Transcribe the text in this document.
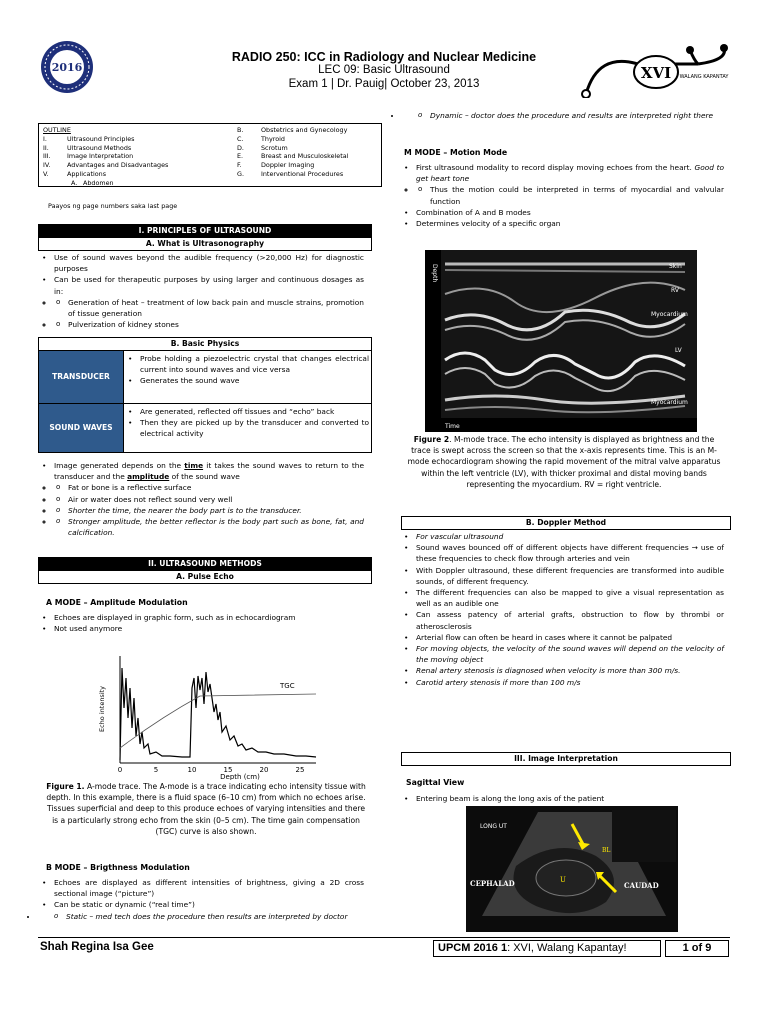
2016
RADIO 250: ICC in Radiology and Nuclear Medicine
LEC 09: Basic Ultrasound
Exam 1 | Dr. Pauig| October 23, 2013
XVI WALANG KAPANTAY
OUTLINE
I.	Ultrasound Principles
II.	Ultrasound Methods
III.	Image Interpretation
IV.	Advantages and Disadvantages
V.	Applications
A. Abdomen
B.	Obstetrics and Gynecology
C.	Thyroid
D.	Scrotum
E.	Breast and Musculoskeletal
F.	Doppler Imaging
G.	Interventional Procedures
Paayos ng page numbers saka last page
I. PRINCIPLES OF ULTRASOUND
A. What is Ultrasonography
• Use of sound waves beyond the audible frequency (>20,000 Hz) for diagnostic purposes
• Can be used for therapeutic purposes by using larger and continuous dosages as in:
o ◦ Generation of heat – treatment of low back pain and muscle strains, promotion of tissue generation
o ◦ Pulverization of kidney stones
B. Basic Physics
TRANSDUCER
• Probe holding a piezoelectric crystal that changes electrical current into sound waves and vice versa
• Generates the sound wave
SOUND WAVES
• Are generated, reflected off tissues and “echo” back
• Then they are picked up by the transducer and converted to electrical activity
• Image generated depends on the time it takes the sound waves to return to the transducer and the amplitude of the sound wave
o ◦ Fat or bone is a reflective surface
o ◦ Air or water does not reflect sound very well
o ◦ Shorter the time, the nearer the body part is to the transducer.
o ◦ Stronger amplitude, the better reflector is the body part such as bone, fat, and calcification.
II. ULTRASOUND METHODS
A. Pulse Echo
A MODE – Amplitude Modulation
• Echoes are displayed in graphic form, such as in echocardiogram
• Not used anymore
TGC
Echo intensity
0	5	10	15	20	25
Depth (cm)
Figure 1. A-mode trace. The A-mode is a trace indicating echo intensity tissue with depth. In this example, there is a fluid space (6–10 cm) from which no echoes arise. Tissues superficial and deep to this produce echoes of varying intensities and there is a particularly strong echo from the skin (0–5 cm). The time gain compensation (TGC) curve is also shown.
B MODE – Brigthness Modulation
• Echoes are displayed as different intensities of brightness, giving a 2D cross sectional image (“picture”)
• Can be static or dynamic (“real time”)
o • Static – med tech does the procedure then results are interpreted by doctor
o • Dynamic – doctor does the procedure and results are interpreted right there
M MODE – Motion Mode
• First ultrasound modality to record display moving echoes from the heart. Good to get heart tone
o ◦ Thus the motion could be interpreted in terms of myocardial and valvular function
• Combination of A and B modes
• Determines velocity of a specific organ
Depth	Skin
RV
Myocardium
LV
Myocardium
Time
Figure 2. M-mode trace. The echo intensity is displayed as brightness and the trace is swept across the screen so that the x-axis represents time. This is an M-mode echocardiogram showing the rapid movement of the mitral valve apparatus within the left ventricle (LV), with thicker proximal and distal moving bands representing the myocardium. RV = right ventricle.
B. Doppler Method
• For vascular ultrasound
• Sound waves bounced off of different objects have different frequencies → use of these frequencies to check flow through arteries and vein
• With Doppler ultrasound, these different frequencies are transformed into audible sounds, of different frequency.
• The different frequencies can also be mapped to give a visual representation as well as an audible one
• Can assess patency of arterial grafts, obstruction to flow by thrombi or atherosclerosis
• Arterial flow can often be heard in cases where it cannot be palpated
• For moving objects, the velocity of the sound waves will depend on the velocity of the moving object
• Renal artery stenosis is diagnosed when velocity is more than 300 m/s.
• Carotid artery stenosis if more than 100 m/s
III. Image Interpretation
Sagittal View
• Entering beam is along the long axis of the patient
LONG UT
CEPHALAD	CAUDAD
U
BL
Shah Regina Isa Gee	UPCM 2016 1: XVI, Walang Kapantay!	1 of 9
